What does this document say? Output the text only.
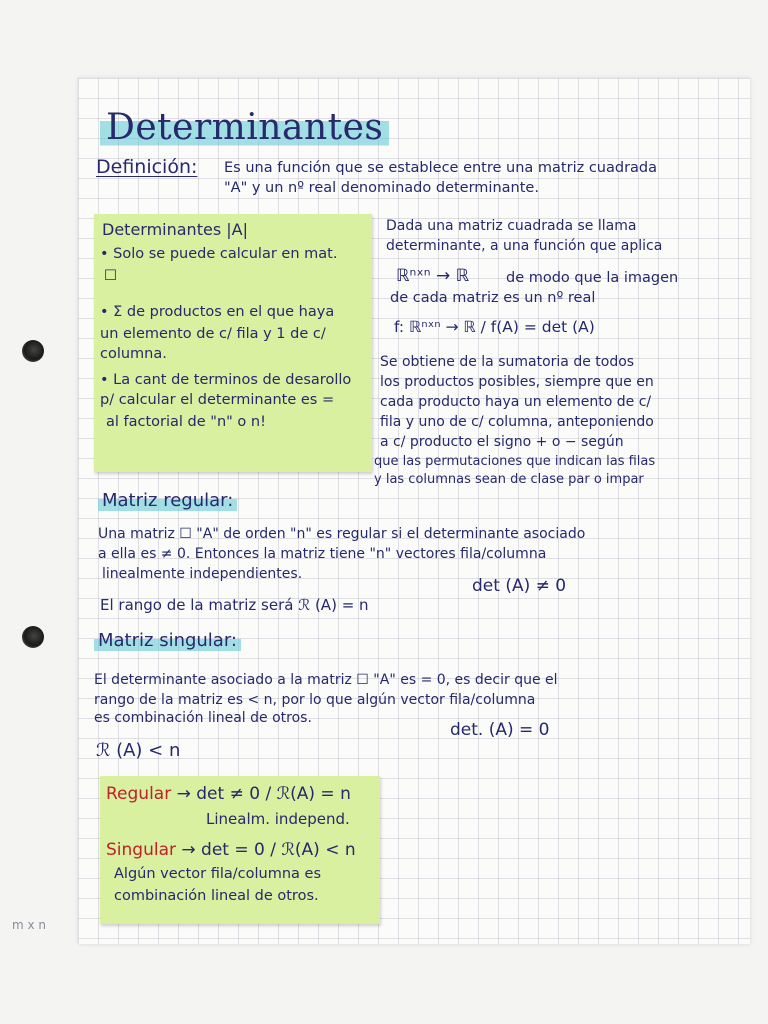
m x n
Determinantes
Definición: Es una función que se establece entre una matriz cuadrada
"A" y un nº real denominado determinante.
Determinantes |A|
• Solo se puede calcular en mat.
☐
• Σ de productos en el que haya
un elemento de c/ fila y 1 de c/
columna.
• La cant de terminos de desarollo
p/ calcular el determinante es =
al factorial de "n" o n!
Dada una matriz cuadrada se llama
determinante, a una función que aplica
ℝⁿˣⁿ → ℝ	de modo que la imagen
de cada matriz es un nº real
f: ℝⁿˣⁿ → ℝ / f(A) = det (A)
Se obtiene de la sumatoria de todos
los productos posibles, siempre que en
cada producto haya un elemento de c/
fila y uno de c/ columna, anteponiendo
a c/ producto el signo + o − según
que las permutaciones que indican las filas
y las columnas sean de clase par o impar
Matriz regular:
Una matriz ☐ "A" de orden "n" es regular si el determinante asociado
a ella es ≠ 0. Entonces la matriz tiene "n" vectores fila/columna
linealmente independientes.
det (A) ≠ 0
El rango de la matriz será ℛ (A) = n
Matriz singular:
El determinante asociado a la matriz ☐ "A" es = 0, es decir que el
rango de la matriz es < n, por lo que algún vector fila/columna
es combinación lineal de otros.
det. (A) = 0
ℛ (A) < n
Regular → det ≠ 0 / ℛ(A) = n
Linealm. independ.
Singular → det = 0 / ℛ(A) < n
Algún vector fila/columna es
combinación lineal de otros.
